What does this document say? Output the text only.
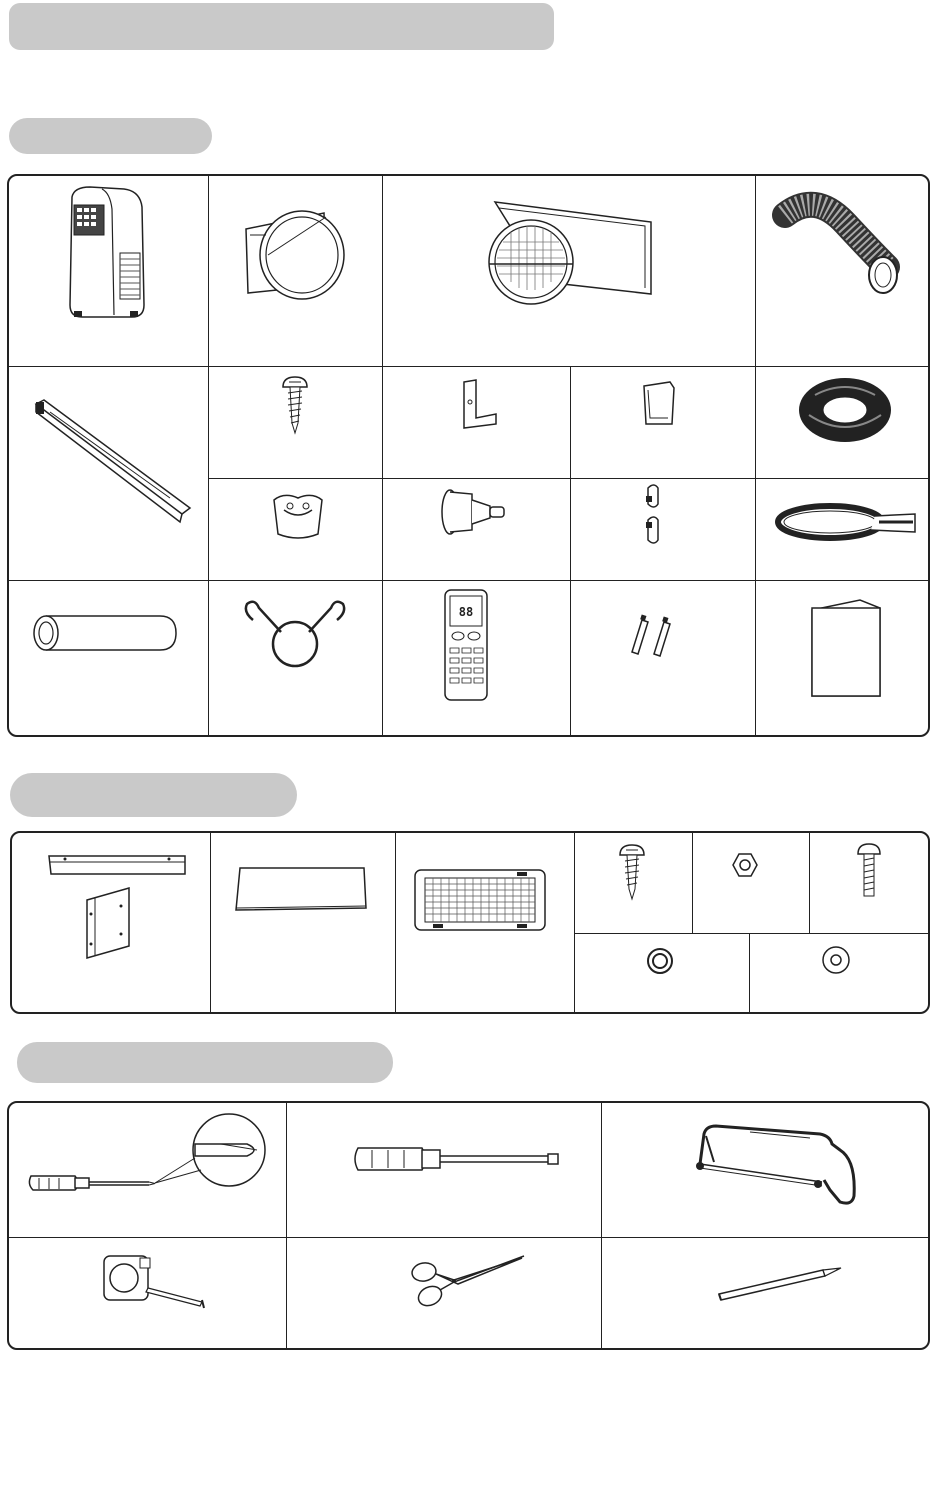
88
